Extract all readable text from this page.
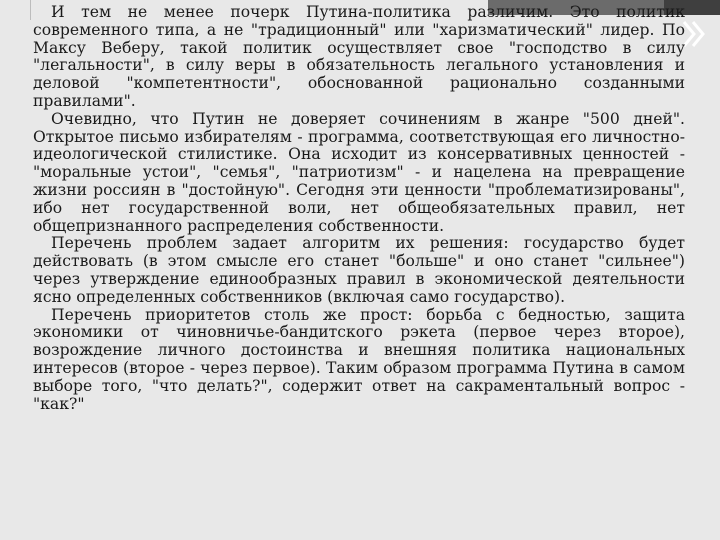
И тем не менее почерк Путина-политика различим. Это политик современного типа, а не "традиционный" или "харизматический" лидер. По Максу Веберу, такой политик осуществляет свое "господство в силу "легальности", в силу веры в обязательность легального установления и деловой "компетентности", обоснованной рационально созданными правилами".

Очевидно, что Путин не доверяет сочинениям в жанре "500 дней". Открытое письмо избирателям - программа, соответствующая его личностно-идеологической стилистике. Она исходит из консервативных ценностей - "моральные устои", "семья", "патриотизм" - и нацелена на превращение жизни россиян в "достойную". Сегодня эти ценности "проблематизированы", ибо нет государственной воли, нет общеобязательных правил, нет общепризнанного распределения собственности.

Перечень проблем задает алгоритм их решения: государство будет действовать (в этом смысле его станет "больше" и оно станет "сильнее") через утверждение единообразных правил в экономической деятельности ясно определенных собственников (включая само государство).

Перечень приоритетов столь же прост: борьба с бедностью, защита экономики от чиновничье-бандитского рэкета (первое через второе), возрождение личного достоинства и внешняя политика национальных интересов (второе - через первое). Таким образом программа Путина в самом выборе того, "что делать?", содержит ответ на сакраментальный вопрос - "как?"
